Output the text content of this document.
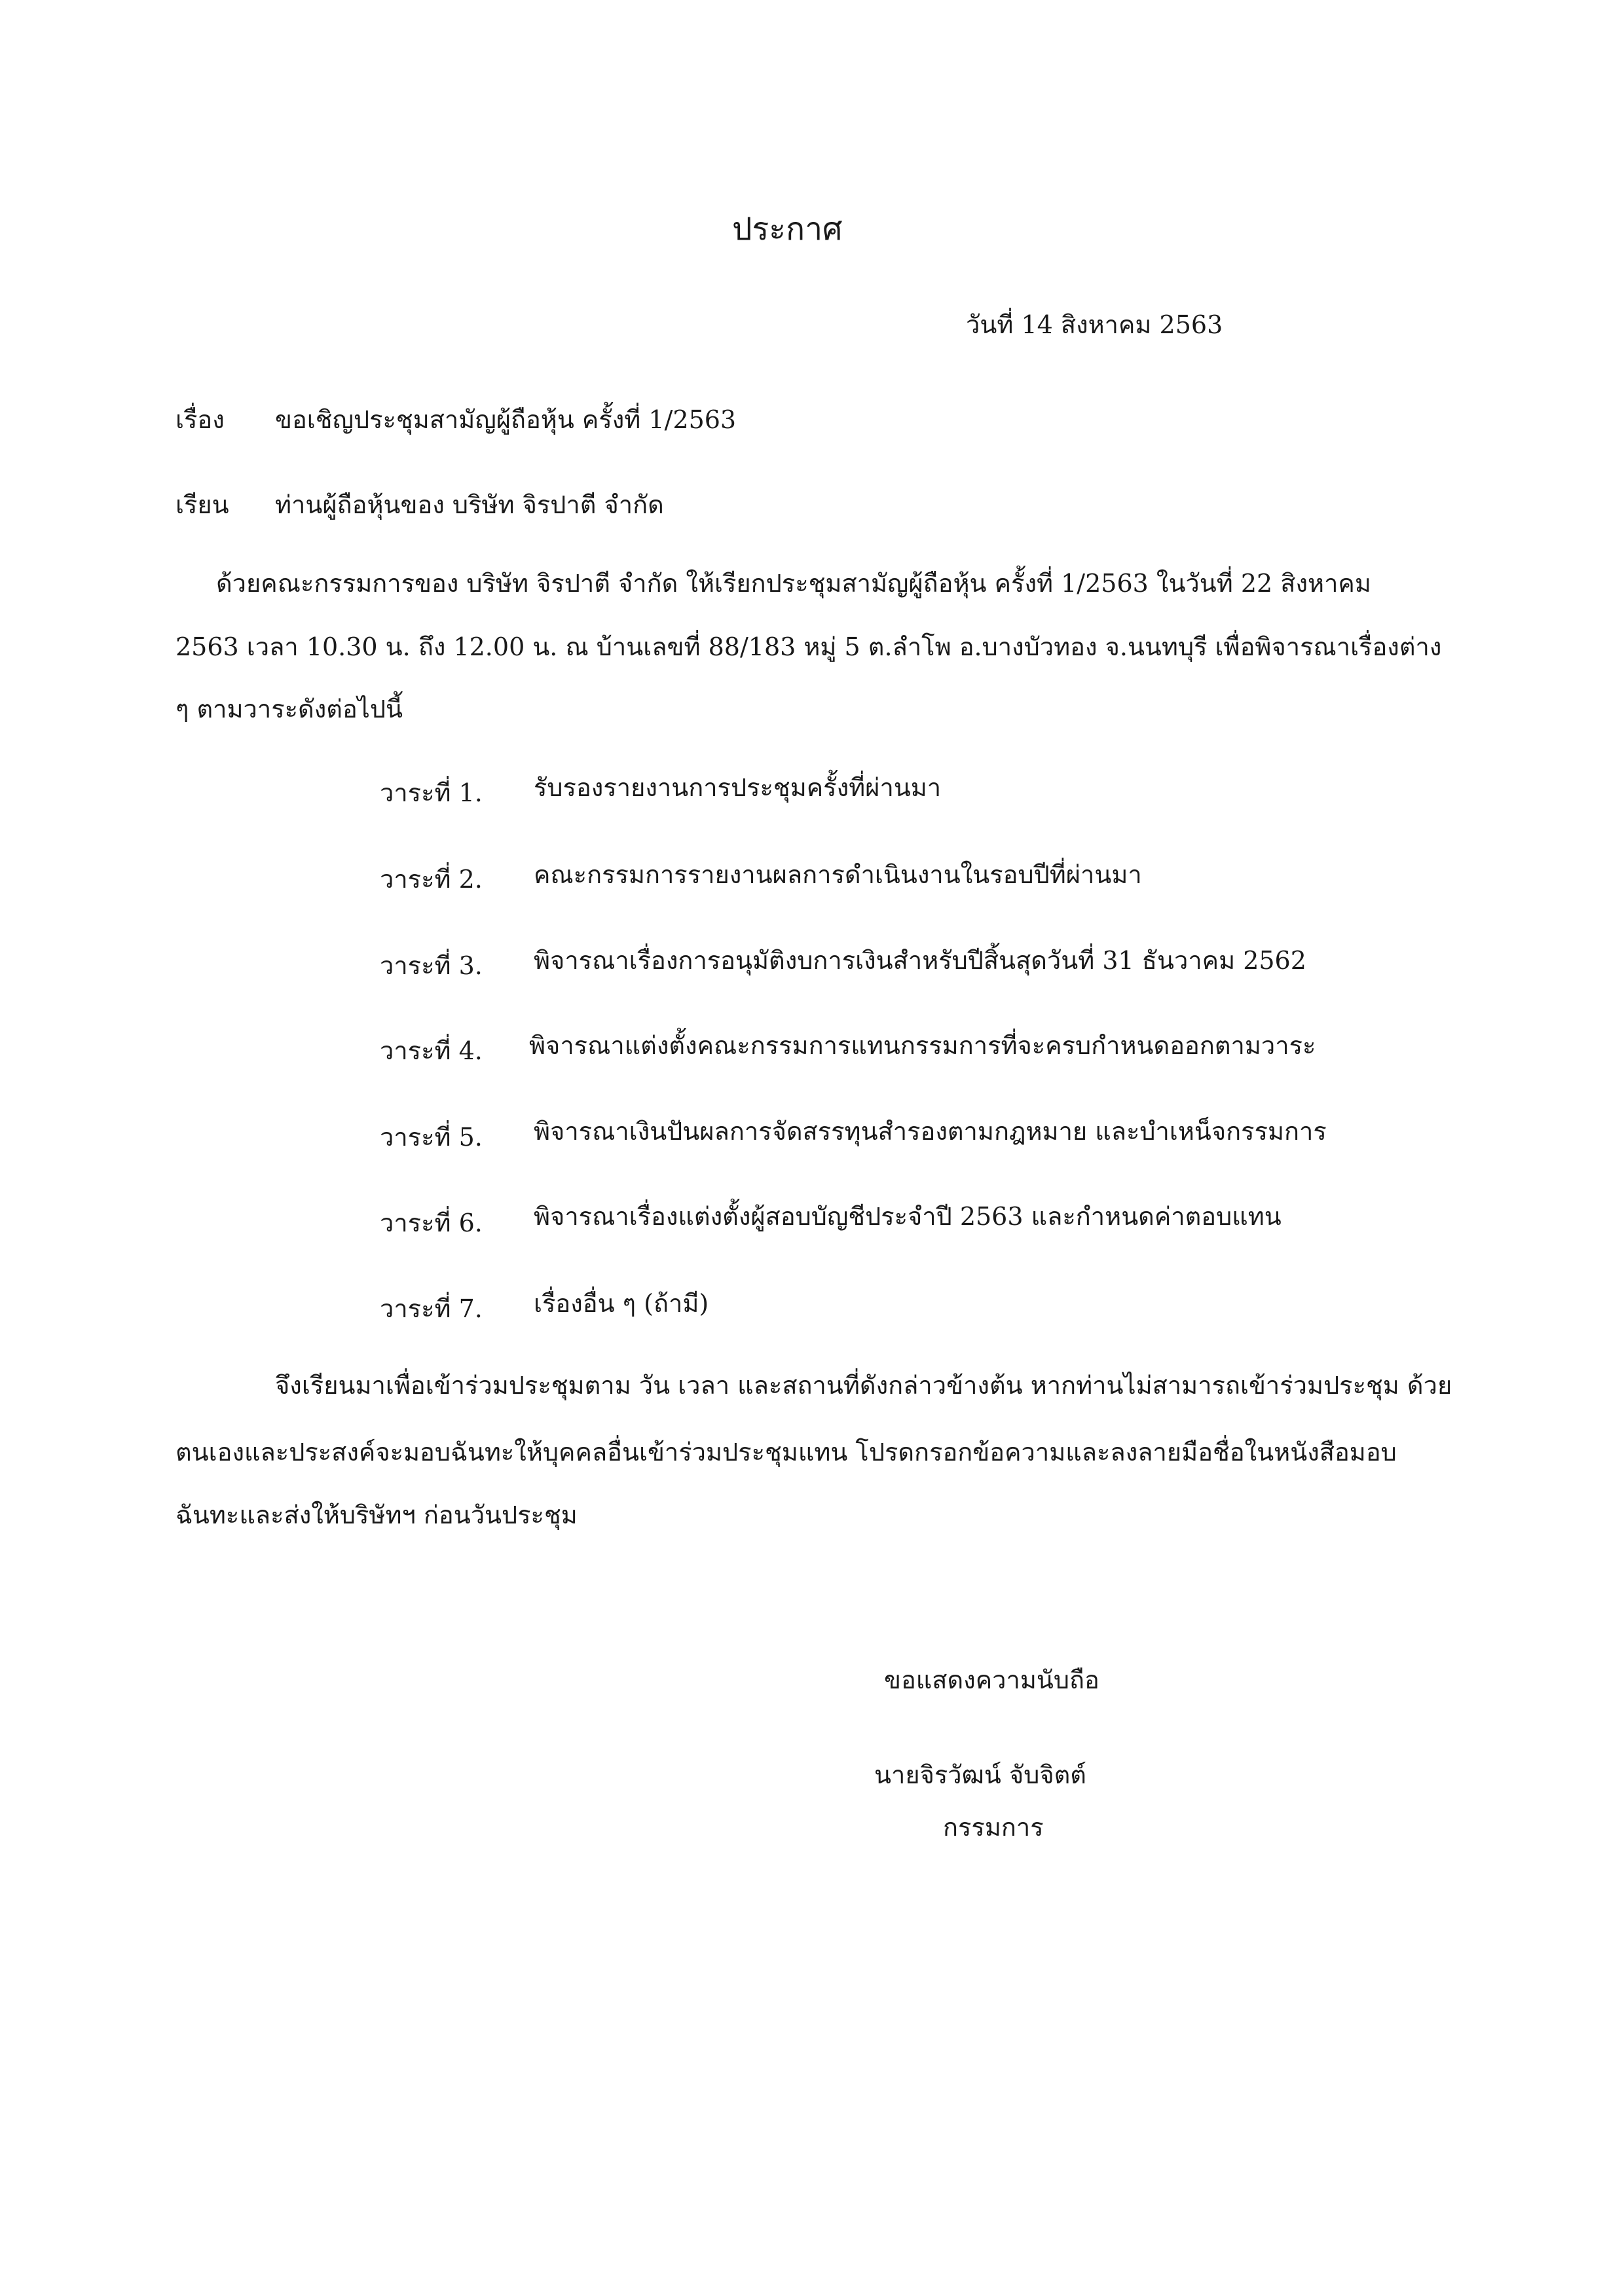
ประกาศ
วันที่ 14 สิงหาคม 2563
เรื่อง ขอเชิญประชุมสามัญผู้ถือหุ้น ครั้งที่ 1/2563
เรียน ท่านผู้ถือหุ้นของ บริษัท จิรปาตี จำกัด
ด้วยคณะกรรมการของ บริษัท จิรปาตี จำกัด ให้เรียกประชุมสามัญผู้ถือหุ้น ครั้งที่ 1/2563 ในวันที่ 22 สิงหาคม
2563 เวลา 10.30 น. ถึง 12.00 น. ณ บ้านเลขที่ 88/183 หมู่ 5 ต.ลำโพ อ.บางบัวทอง จ.นนทบุรี เพื่อพิจารณาเรื่องต่าง
ๆ ตามวาระดังต่อไปนี้
วาระที่ 1. รับรองรายงานการประชุมครั้งที่ผ่านมา
วาระที่ 2. คณะกรรมการรายงานผลการดำเนินงานในรอบปีที่ผ่านมา
วาระที่ 3. พิจารณาเรื่องการอนุมัติงบการเงินสำหรับปีสิ้นสุดวันที่ 31 ธันวาคม 2562
วาระที่ 4. พิจารณาแต่งตั้งคณะกรรมการแทนกรรมการที่จะครบกำหนดออกตามวาระ
วาระที่ 5. พิจารณาเงินปันผลการจัดสรรทุนสำรองตามกฎหมาย และบำเหน็จกรรมการ
วาระที่ 6. พิจารณาเรื่องแต่งตั้งผู้สอบบัญชีประจำปี 2563 และกำหนดค่าตอบแทน
วาระที่ 7. เรื่องอื่น ๆ (ถ้ามี)
จึงเรียนมาเพื่อเข้าร่วมประชุมตาม วัน เวลา และสถานที่ดังกล่าวข้างต้น หากท่านไม่สามารถเข้าร่วมประชุม ด้วย
ตนเองและประสงค์จะมอบฉันทะให้บุคคลอื่นเข้าร่วมประชุมแทน โปรดกรอกข้อความและลงลายมือชื่อในหนังสือมอบ
ฉันทะและส่งให้บริษัทฯ ก่อนวันประชุม
ขอแสดงความนับถือ
นายจิรวัฒน์ จับจิตต์
กรรมการ
